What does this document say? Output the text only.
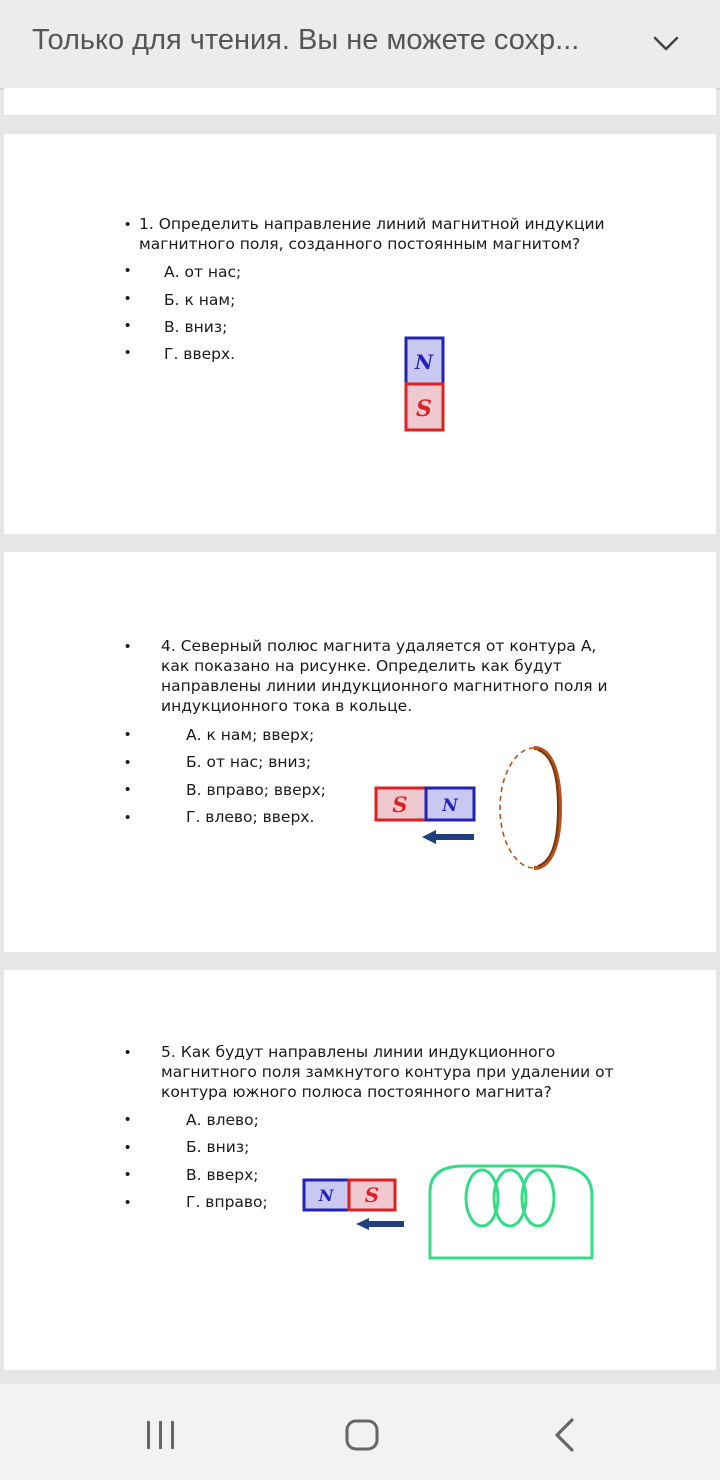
Только для чтения. Вы не можете сохр...
• 1. Определить направление линий магнитной индукции
магнитного поля, созданного постоянным магнитом?
• А. от нас;
• Б. к нам;
• В. вниз;
• Г. вверх.	N
S
• 4. Северный полюс магнита удаляется от контура А,
как показано на рисунке. Определить как будут
направлены линии индукционного магнитного поля и
индукционного тока в кольце.
•	А. к нам; вверх;
•	Б. от нас; вниз;
•	В. вправо; вверх;
•	Г. влево; вверх.	S N
• 5. Как будут направлены линии индукционного
магнитного поля замкнутого контура при удалении от
контура южного полюса постоянного магнита?
•	А. влево;
•	Б. вниз;
•	В. вверх;
•	Г. вправо;	N S
